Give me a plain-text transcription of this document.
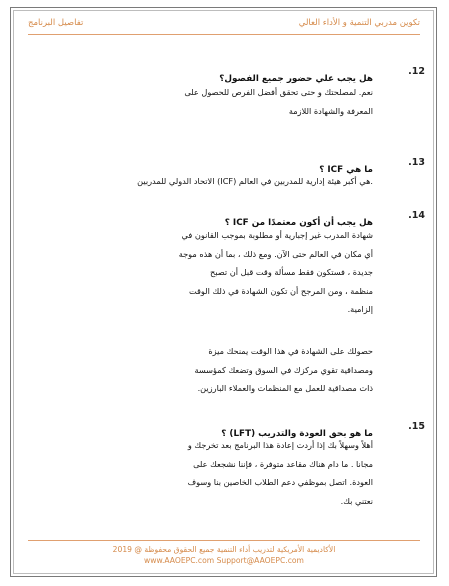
تكوين مدربي التنمية و الأداء العالي
تفاصيل البرنامج
.12
هل يجب علي حضور جميع الفصول؟

نعم. لمصلحتك و حتى تحقق أفضل الفرص للحصول على

المعرفة والشهادة اللازمة

.13
ما هي ICF ؟

.هي أكبر هيئة إدارية للمدربين في العالم (ICF) الاتحاد الدولي للمدربين

.14
هل يجب أن أكون معتمدًا من ICF ؟

شهادة المدرب غير إجبارية أو مطلوبة بموجب القانون في

أي مكان في العالم حتى الآن. ومع ذلك ، بما أن هذه موجة

جديدة ، فستكون فقط مسألة وقت قبل أن تصبح

منظمة ، ومن المرجح أن تكون الشهادة في ذلك الوقت

إلزامية.

حصولك على الشهادة في هذا الوقت يمنحك ميزة

ومصداقية تقوي مركزك في السوق وتضعك كمؤسسة

ذات مصداقية للعمل مع المنظمات والعملاء البارزين.

.15
ما هو بحق العودة والتدريب (LFT) ؟

أهلاً وسهلاً بك إذا أردت إعادة هذا البرنامج بعد تخرجك و

مجانا . ما دام هناك مقاعد متوفرة ، فإننا نشجعك على

العودة. اتصل بموظفي دعم الطلاب الخاصين بنا وسوف

نعتني بك.

الأكاديمية الأمريكية لتدريب أداء التنمية جميع الحقوق محفوظة @ 2019
www.AAOEPC.com Support@AAOEPC.com
